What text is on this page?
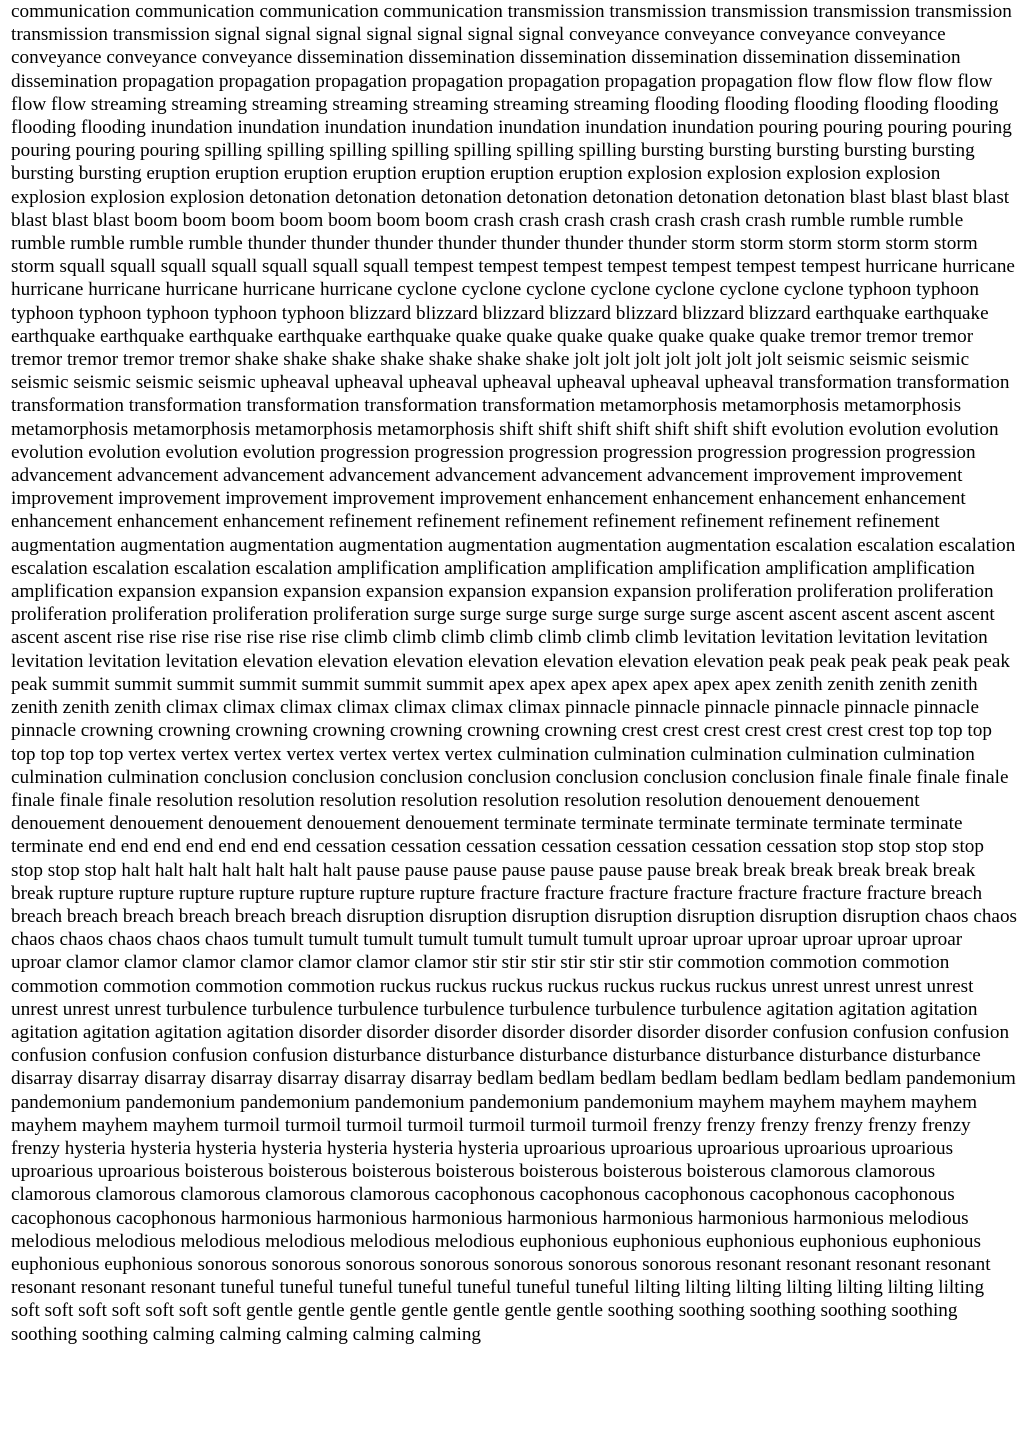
communication communication communication communication transmission transmission transmission transmission transmission transmission transmission signal signal signal signal signal signal signal conveyance conveyance conveyance conveyance conveyance conveyance conveyance dissemination dissemination dissemination dissemination dissemination dissemination dissemination propagation propagation propagation propagation propagation propagation propagation flow flow flow flow flow flow flow streaming streaming streaming streaming streaming streaming streaming flooding flooding flooding flooding flooding flooding flooding inundation inundation inundation inundation inundation inundation inundation pouring pouring pouring pouring pouring pouring pouring spilling spilling spilling spilling spilling spilling spilling bursting bursting bursting bursting bursting bursting bursting eruption eruption eruption eruption eruption eruption eruption explosion explosion explosion explosion explosion explosion explosion detonation detonation detonation detonation detonation detonation detonation blast blast blast blast blast blast blast boom boom boom boom boom boom boom crash crash crash crash crash crash crash rumble rumble rumble rumble rumble rumble rumble thunder thunder thunder thunder thunder thunder thunder storm storm storm storm storm storm storm squall squall squall squall squall squall squall tempest tempest tempest tempest tempest tempest tempest hurricane hurricane hurricane hurricane hurricane hurricane hurricane cyclone cyclone cyclone cyclone cyclone cyclone cyclone typhoon typhoon typhoon typhoon typhoon typhoon typhoon blizzard blizzard blizzard blizzard blizzard blizzard blizzard earthquake earthquake earthquake earthquake earthquake earthquake earthquake quake quake quake quake quake quake quake tremor tremor tremor tremor tremor tremor tremor shake shake shake shake shake shake shake jolt jolt jolt jolt jolt jolt jolt seismic seismic seismic seismic seismic seismic seismic upheaval upheaval upheaval upheaval upheaval upheaval upheaval transformation transformation transformation transformation transformation transformation transformation metamorphosis metamorphosis metamorphosis metamorphosis metamorphosis metamorphosis metamorphosis shift shift shift shift shift shift shift evolution evolution evolution evolution evolution evolution evolution progression progression progression progression progression progression progression advancement advancement advancement advancement advancement advancement advancement improvement improvement improvement improvement improvement improvement improvement enhancement enhancement enhancement enhancement enhancement enhancement enhancement refinement refinement refinement refinement refinement refinement refinement augmentation augmentation augmentation augmentation augmentation augmentation augmentation escalation escalation escalation escalation escalation escalation escalation amplification amplification amplification amplification amplification amplification amplification expansion expansion expansion expansion expansion expansion expansion proliferation proliferation proliferation proliferation proliferation proliferation proliferation surge surge surge surge surge surge surge ascent ascent ascent ascent ascent ascent ascent rise rise rise rise rise rise rise climb climb climb climb climb climb climb levitation levitation levitation levitation levitation levitation levitation elevation elevation elevation elevation elevation elevation elevation peak peak peak peak peak peak peak summit summit summit summit summit summit summit apex apex apex apex apex apex apex zenith zenith zenith zenith zenith zenith zenith climax climax climax climax climax climax climax pinnacle pinnacle pinnacle pinnacle pinnacle pinnacle pinnacle crowning crowning crowning crowning crowning crowning crowning crest crest crest crest crest crest crest top top top top top top top vertex vertex vertex vertex vertex vertex vertex culmination culmination culmination culmination culmination culmination culmination conclusion conclusion conclusion conclusion conclusion conclusion conclusion finale finale finale finale finale finale finale resolution resolution resolution resolution resolution resolution resolution denouement denouement denouement denouement denouement denouement denouement terminate terminate terminate terminate terminate terminate terminate end end end end end end end cessation cessation cessation cessation cessation cessation cessation stop stop stop stop stop stop stop halt halt halt halt halt halt halt pause pause pause pause pause pause pause break break break break break break break rupture rupture rupture rupture rupture rupture rupture fracture fracture fracture fracture fracture fracture fracture breach breach breach breach breach breach breach disruption disruption disruption disruption disruption disruption disruption chaos chaos chaos chaos chaos chaos chaos tumult tumult tumult tumult tumult tumult tumult uproar uproar uproar uproar uproar uproar uproar clamor clamor clamor clamor clamor clamor clamor stir stir stir stir stir stir stir commotion commotion commotion commotion commotion commotion commotion ruckus ruckus ruckus ruckus ruckus ruckus ruckus unrest unrest unrest unrest unrest unrest unrest turbulence turbulence turbulence turbulence turbulence turbulence turbulence agitation agitation agitation agitation agitation agitation agitation disorder disorder disorder disorder disorder disorder disorder confusion confusion confusion confusion confusion confusion confusion disturbance disturbance disturbance disturbance disturbance disturbance disturbance disarray disarray disarray disarray disarray disarray disarray bedlam bedlam bedlam bedlam bedlam bedlam bedlam pandemonium pandemonium pandemonium pandemonium pandemonium pandemonium pandemonium mayhem mayhem mayhem mayhem mayhem mayhem mayhem turmoil turmoil turmoil turmoil turmoil turmoil turmoil frenzy frenzy frenzy frenzy frenzy frenzy frenzy hysteria hysteria hysteria hysteria hysteria hysteria hysteria uproarious uproarious uproarious uproarious uproarious uproarious uproarious boisterous boisterous boisterous boisterous boisterous boisterous boisterous clamorous clamorous clamorous clamorous clamorous clamorous clamorous cacophonous cacophonous cacophonous cacophonous cacophonous cacophonous cacophonous harmonious harmonious harmonious harmonious harmonious harmonious harmonious melodious melodious melodious melodious melodious melodious melodious euphonious euphonious euphonious euphonious euphonious euphonious euphonious sonorous sonorous sonorous sonorous sonorous sonorous sonorous resonant resonant resonant resonant resonant resonant resonant tuneful tuneful tuneful tuneful tuneful tuneful tuneful lilting lilting lilting lilting lilting lilting lilting soft soft soft soft soft soft soft gentle gentle gentle gentle gentle gentle gentle soothing soothing soothing soothing soothing soothing soothing calming calming calming calming calming
